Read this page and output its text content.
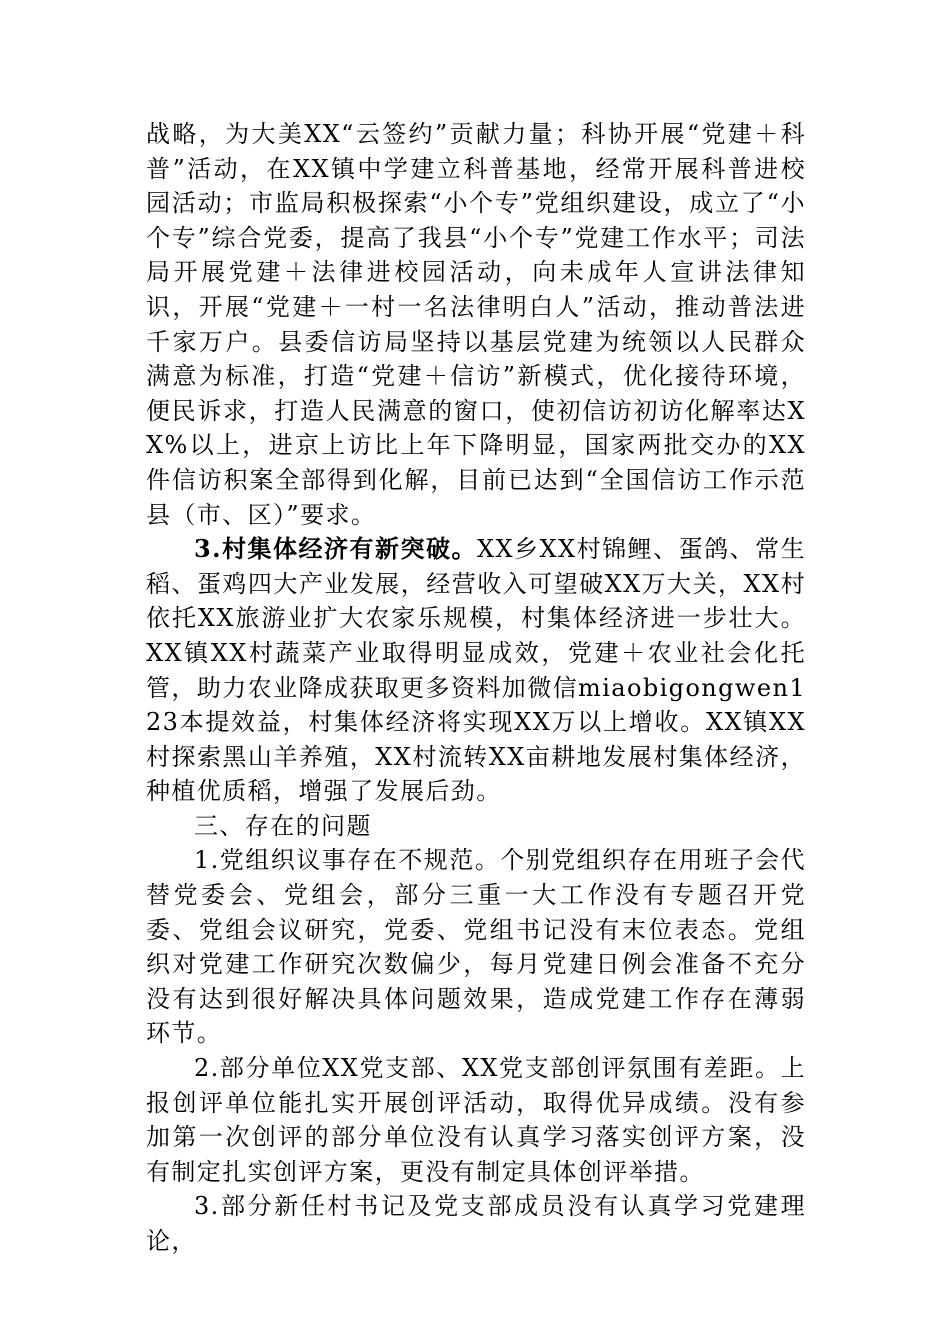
战略，为大美XX“云签约”贡献力量；科协开展“党建＋科普”活动，在XX镇中学建立科普基地，经常开展科普进校园活动；市监局积极探索“小个专”党组织建设，成立了“小个专”综合党委，提高了我县“小个专”党建工作水平；司法局开展党建＋法律进校园活动，向未成年人宣讲法律知识，开展“党建＋一村一名法律明白人”活动，推动普法进千家万户。县委信访局坚持以基层党建为统领以人民群众满意为标准，打造“党建＋信访”新模式，优化接待环境，便民诉求，打造人民满意的窗口，使初信访初访化解率达XX%以上，进京上访比上年下降明显，国家两批交办的XX件信访积案全部得到化解，目前已达到“全国信访工作示范县（市、区）”要求。

3.村集体经济有新突破。XX乡XX村锦鲤、蛋鸽、常生稻、蛋鸡四大产业发展，经营收入可望破XX万大关，XX村依托XX旅游业扩大农家乐规模，村集体经济进一步壮大。XX镇XX村蔬菜产业取得明显成效，党建＋农业社会化托管，助力农业降成获取更多资料加微信miaobigongwen123本提效益，村集体经济将实现XX万以上增收。XX镇XX村探索黑山羊养殖，XX村流转XX亩耕地发展村集体经济，种植优质稻，增强了发展后劲。

三、存在的问题

1.党组织议事存在不规范。个别党组织存在用班子会代替党委会、党组会，部分三重一大工作没有专题召开党委、党组会议研究，党委、党组书记没有末位表态。党组织对党建工作研究次数偏少，每月党建日例会准备不充分没有达到很好解决具体问题效果，造成党建工作存在薄弱环节。

2.部分单位XX党支部、XX党支部创评氛围有差距。上报创评单位能扎实开展创评活动，取得优异成绩。没有参加第一次创评的部分单位没有认真学习落实创评方案，没有制定扎实创评方案，更没有制定具体创评举措。

3.部分新任村书记及党支部成员没有认真学习党建理论，
